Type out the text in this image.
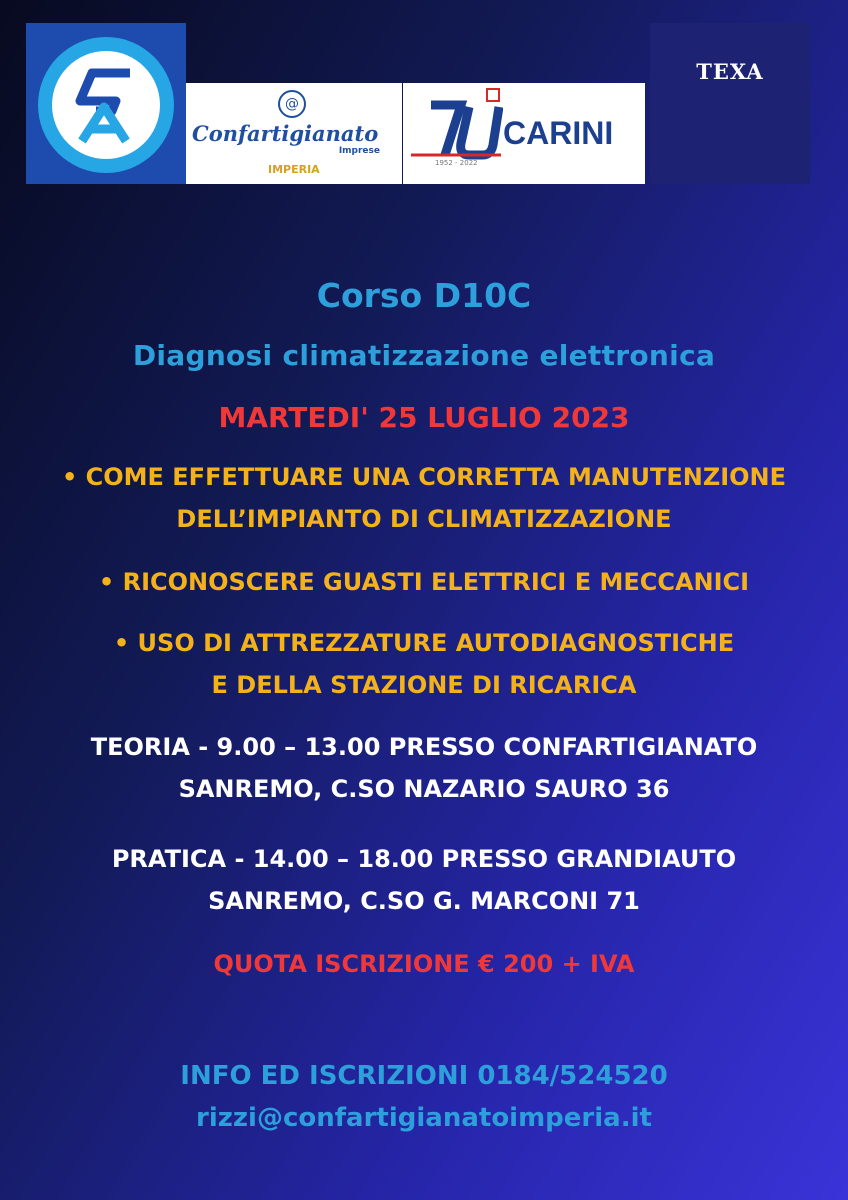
@
Confartigianato
Imprese
IMPERIA
CARINI
1952 - 2022
TEXA
Corso D10C
Diagnosi climatizzazione elettronica
MARTEDI' 25 LUGLIO 2023
• COME EFFETTUARE UNA CORRETTA MANUTENZIONE
DELL’IMPIANTO DI CLIMATIZZAZIONE
• RICONOSCERE GUASTI ELETTRICI E MECCANICI
• USO DI ATTREZZATURE AUTODIAGNOSTICHE
E DELLA STAZIONE DI RICARICA
TEORIA - 9.00 – 13.00 PRESSO CONFARTIGIANATO
SANREMO, C.SO NAZARIO SAURO 36
PRATICA - 14.00 – 18.00 PRESSO GRANDIAUTO
SANREMO, C.SO G. MARCONI 71
QUOTA ISCRIZIONE € 200 + IVA
INFO ED ISCRIZIONI 0184/524520
rizzi@confartigianatoimperia.it
